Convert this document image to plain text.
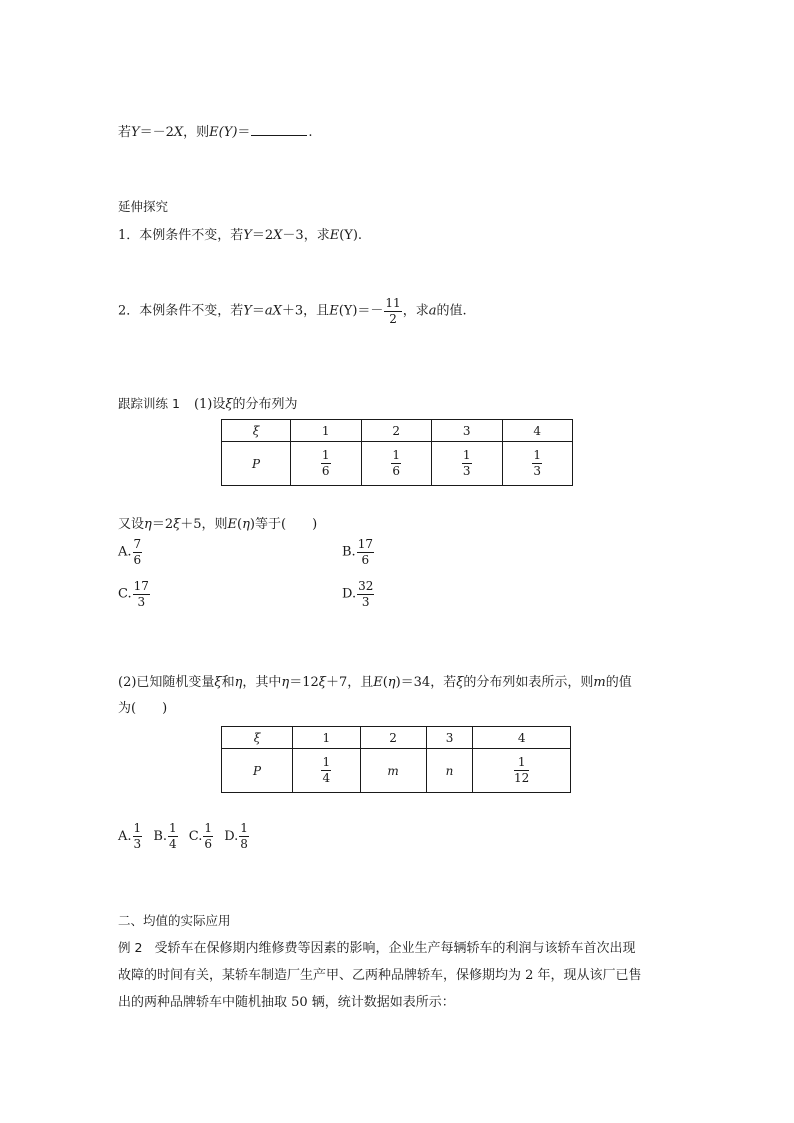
若Y＝－2X，则E(Y)＝	.
延伸探究
1．本例条件不变，若Y＝2X－3，求E(Y).
2．本例条件不变，若Y＝aX＋3，且$E(Y)=- \frac{11}{2}$ ，求a的值.
跟踪训练 1 (1)设ξ的分布列为
ξ	1	2	3	4
P	$\frac{1}{6}$	$\frac{1}{6}$	$\frac{1}{3}$	$\frac{1}{3}$
又设η＝2ξ＋5，则E(η)等于(　　)
A. $\frac{7}{6}$	B. $\frac{17}{6}$
C. $\frac{17}{3}$	D. $\frac{32}{3}$
(2)已知随机变量ξ和η，其中η＝12ξ＋7，且E(η)＝34，若ξ的分布列如表所示，则m的值
为(　　)
ξ	1	2	3	4
P	$\frac{1}{4}$	m	n	$\frac{1}{12}$
A. $\frac{1}{3} B$. $\frac{1}{4} C$. $\frac{1}{6} D$. $\frac{1}{8}$
二、均值的实际应用
例 2 受轿车在保修期内维修费等因素的影响，企业生产每辆轿车的利润与该轿车首次出现
故障的时间有关，某轿车制造厂生产甲、乙两种品牌轿车，保修期均为 2 年，现从该厂已售
出的两种品牌轿车中随机抽取 50 辆，统计数据如表所示：
